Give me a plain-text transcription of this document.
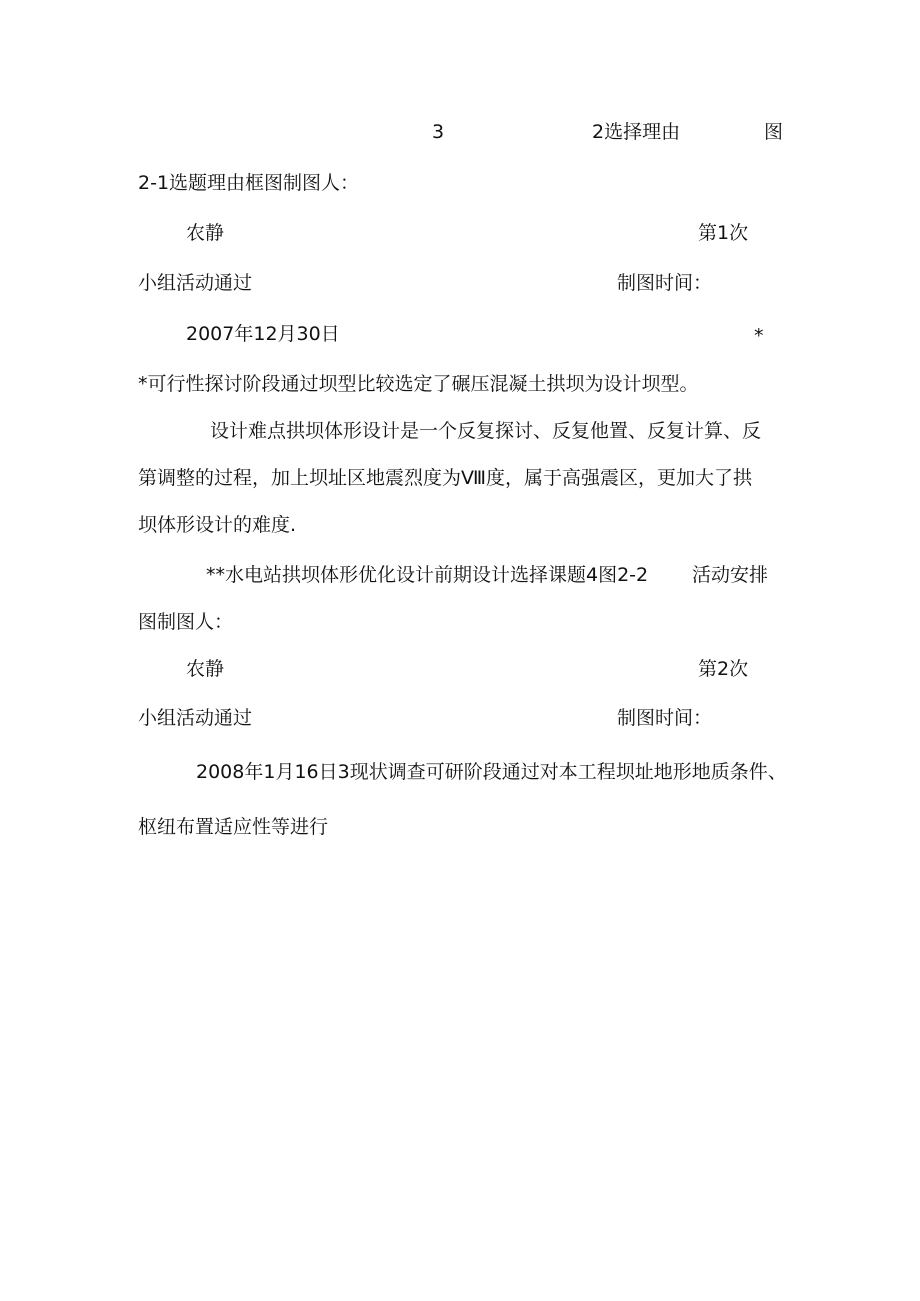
3	2选择理由	图
2-1选题理由框图制图人：
农静	第1次
小组活动通过	制图时间：
2007年12月30日	*
*可行性探讨阶段通过坝型比较选定了碾压混凝土拱坝为设计坝型。
设计难点拱坝体形设计是一个反复探讨、反复他置、反复计算、反
第调整的过程，加上坝址区地震烈度为Ⅷ度，属于高强震区，更加大了拱
坝体形设计的难度.
**水电站拱坝体形优化设计前期设计选择课题4图2-2 活动安排
图制图人：
农静	第2次
小组活动通过	制图时间：
2008年1月16日3现状调查可研阶段通过对本工程坝址地形地质条件、
枢纽布置适应性等进行
